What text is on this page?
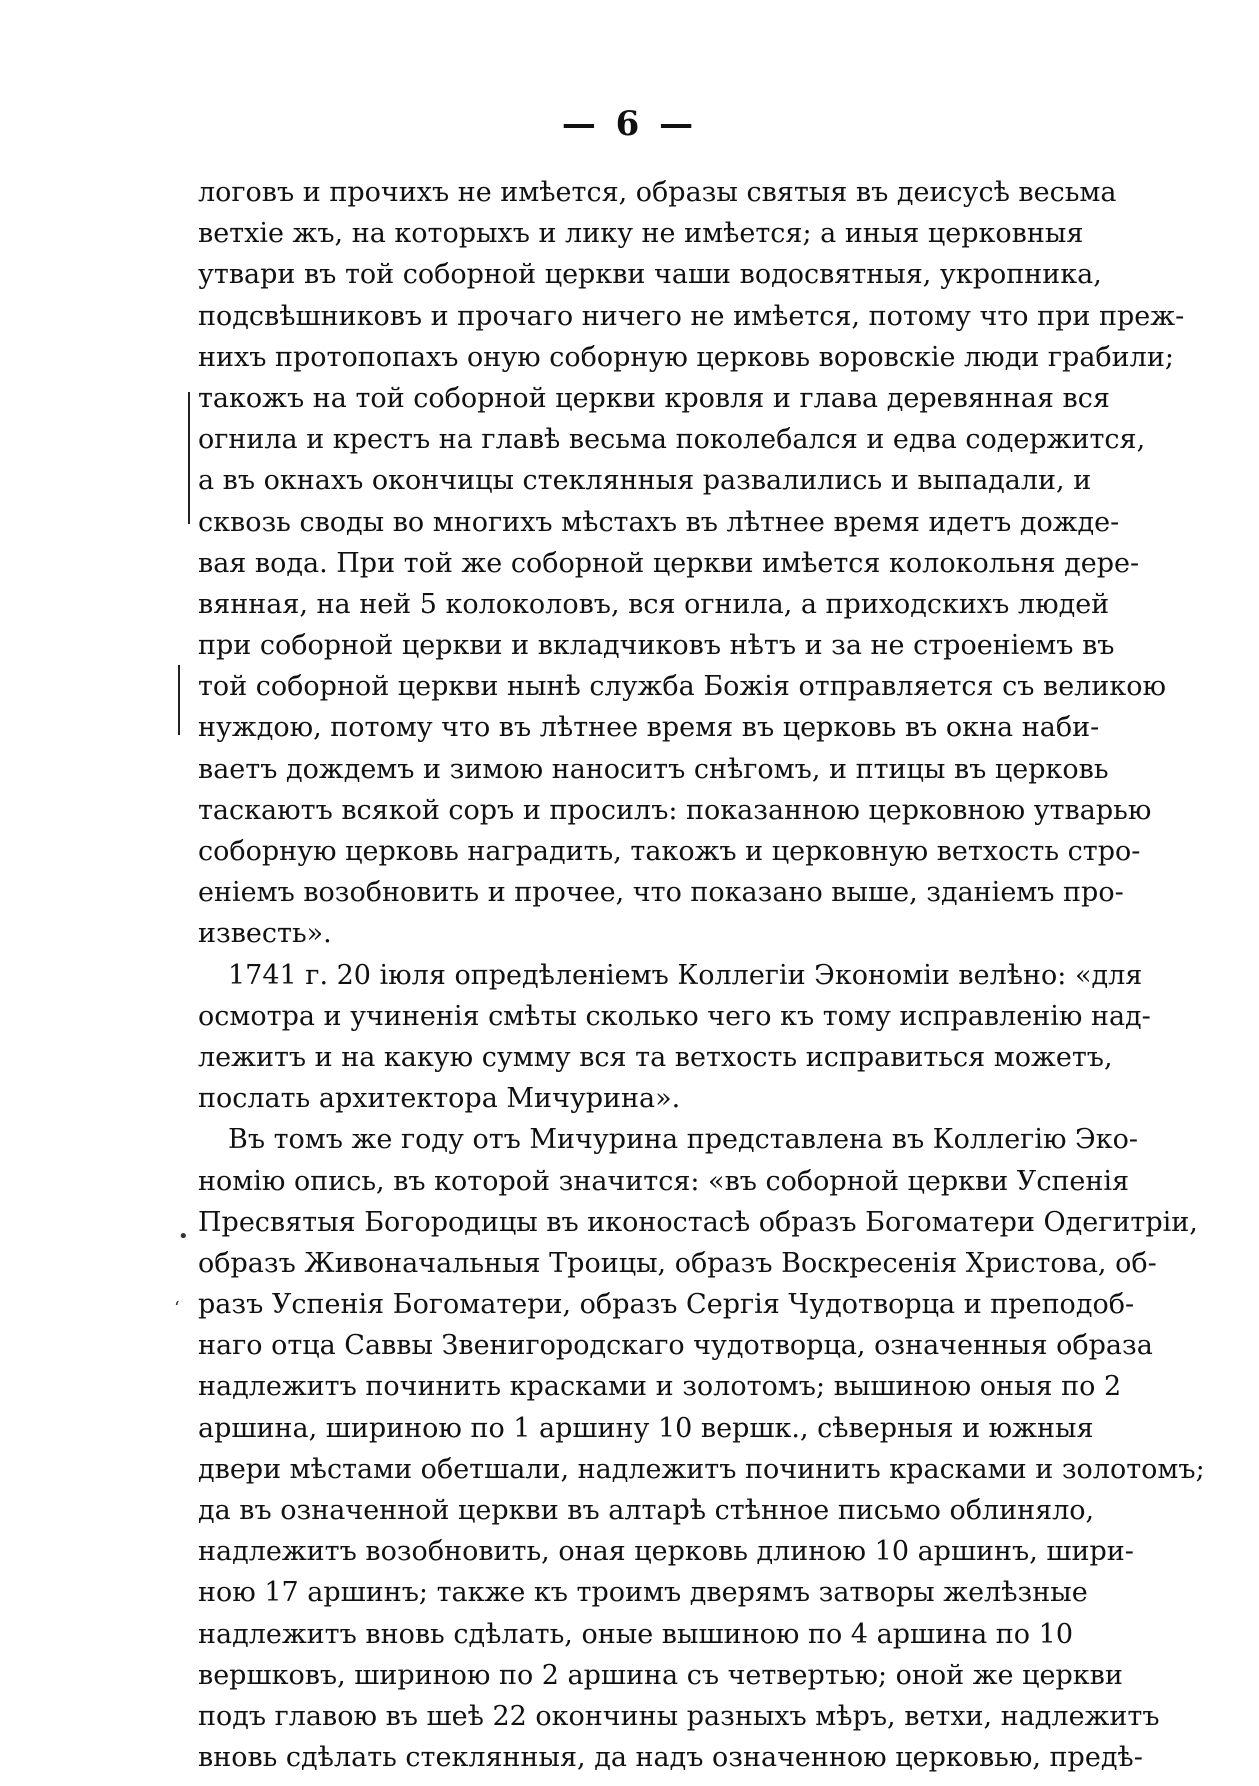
— 6 —
логовъ и прочихъ не имѣется, образы святыя въ деисусѣ весьма
ветхіе жъ, на которыхъ и лику не имѣется; а иныя церковныя
утвари въ той соборной церкви чаши водосвятныя, укропника,
подсвѣшниковъ и прочаго ничего не имѣется, потому что при преж-
нихъ протопопахъ оную соборную церковь воровскіе люди грабили;
такожъ на той соборной церкви кровля и глава деревянная вся
огнила и крестъ на главѣ весьма поколебался и едва содержится,
а въ окнахъ окончицы стеклянныя развалились и выпадали, и
сквозь своды во многихъ мѣстахъ въ лѣтнее время идетъ дожде-
вая вода. При той же соборной церкви имѣется колокольня дере-
вянная, на ней 5 колоколовъ, вся огнила, а приходскихъ людей
при соборной церкви и вкладчиковъ нѣтъ и за не строеніемъ въ
той соборной церкви нынѣ служба Божія отправляется съ великою
нуждою, потому что въ лѣтнее время въ церковь въ окна наби-
ваетъ дождемъ и зимою наноситъ снѣгомъ, и птицы въ церковь
таскаютъ всякой соръ и просилъ: показанною церковною утварью
соборную церковь наградить, такожъ и церковную ветхость стро-
еніемъ возобновить и прочее, что показано выше, зданіемъ про-
известь».
1741 г. 20 іюля опредѣленіемъ Коллегіи Экономіи велѣно: «для
осмотра и учиненія смѣты сколько чего къ тому исправленію над-
лежитъ и на какую сумму вся та ветхость исправиться можетъ,
послать архитектора Мичурина».
Въ томъ же году отъ Мичурина представлена въ Коллегію Эко-
номію опись, въ которой значится: «въ соборной церкви Успенія
Пресвятыя Богородицы въ иконостасѣ образъ Богоматери Одегитріи,
образъ Живоначальныя Троицы, образъ Воскресенія Христова, об-
разъ Успенія Богоматери, образъ Сергія Чудотворца и преподоб-
наго отца Саввы Звенигородскаго чудотворца, означенныя образа
надлежитъ починить красками и золотомъ; вышиною оныя по 2
аршина, шириною по 1 аршину 10 вершк., сѣверныя и южныя
двери мѣстами обетшали, надлежитъ починить красками и золотомъ;
да въ означенной церкви въ алтарѣ стѣнное письмо облиняло,
надлежитъ возобновить, оная церковь длиною 10 аршинъ, шири-
ною 17 аршинъ; также къ троимъ дверямъ затворы желѣзные
надлежитъ вновь сдѣлать, оные вышиною по 4 аршина по 10
вершковъ, шириною по 2 аршина съ четвертью; оной же церкви
подъ главою въ шеѣ 22 окончины разныхъ мѣръ, ветхи, надлежитъ
вновь сдѣлать стеклянныя, да надъ означенною церковью, предѣ-
•
‘
